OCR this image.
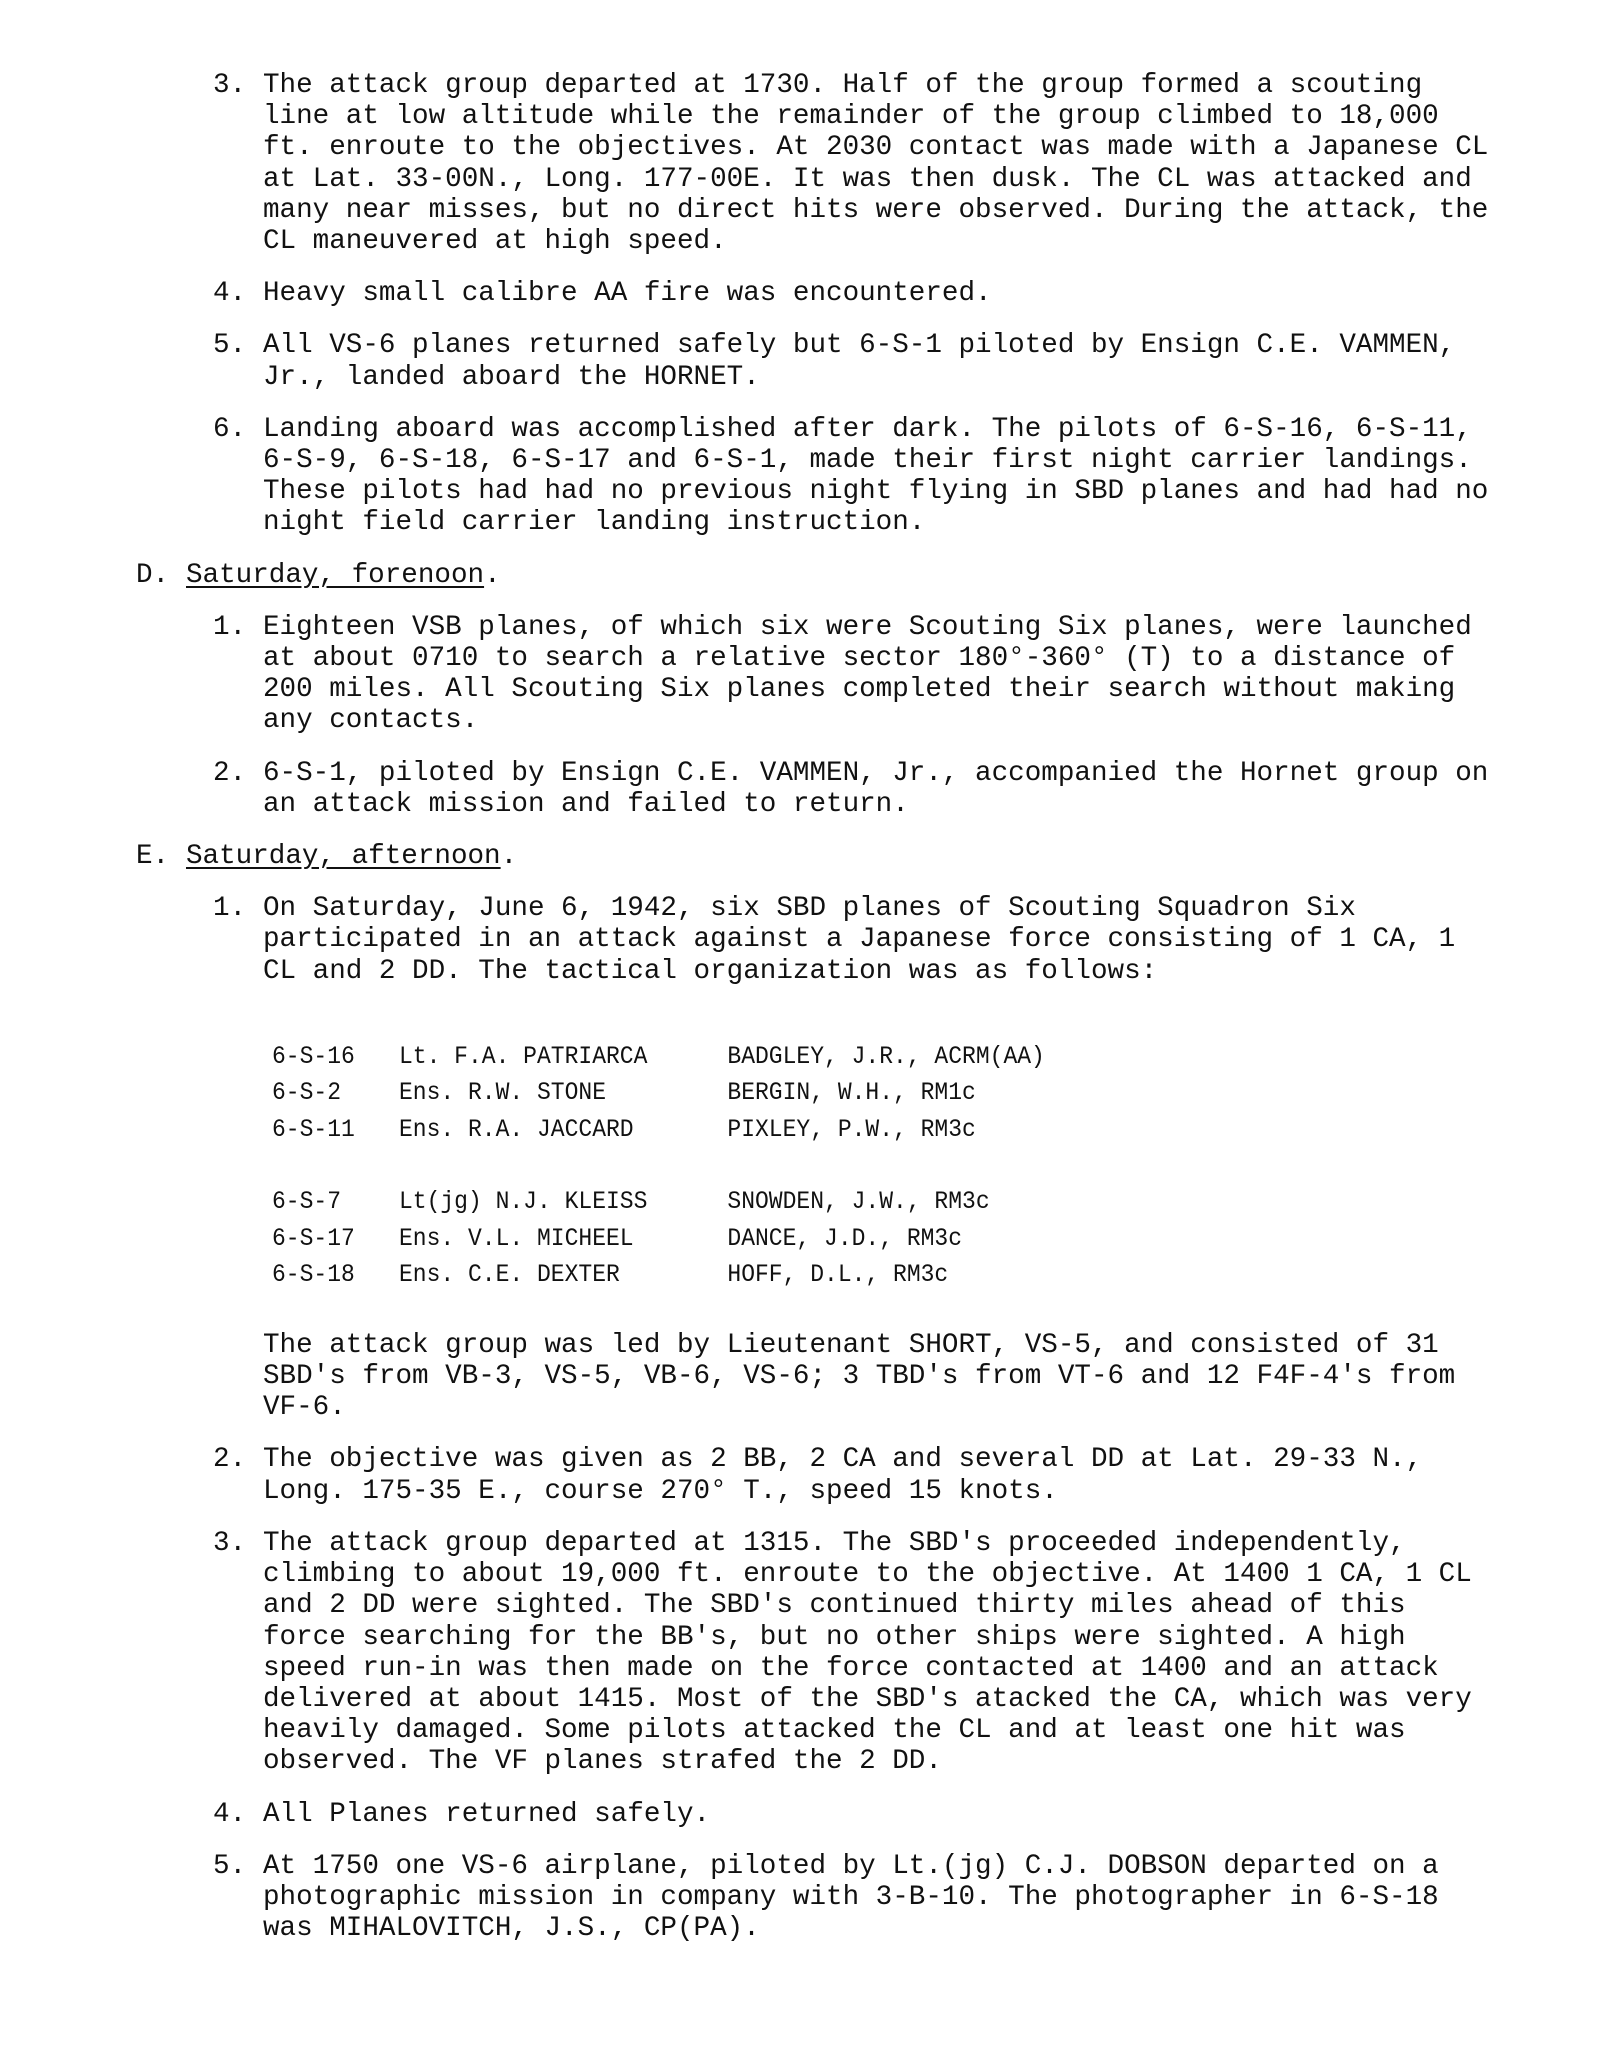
3. The attack group departed at 1730. Half of the group formed a scouting line at low altitude while the remainder of the group climbed to 18,000 ft. enroute to the objectives. At 2030 contact was made with a Japanese CL at Lat. 33-00N., Long. 177-00E. It was then dusk. The CL was attacked and many near misses, but no direct hits were observed. During the attack, the CL maneuvered at high speed.
4. Heavy small calibre AA fire was encountered.
5. All VS-6 planes returned safely but 6-S-1 piloted by Ensign C.E. VAMMEN, Jr., landed aboard the HORNET.
6. Landing aboard was accomplished after dark. The pilots of 6-S-16, 6-S-11, 6-S-9, 6-S-18, 6-S-17 and 6-S-1, made their first night carrier landings. These pilots had had no previous night flying in SBD planes and had had no night field carrier landing instruction.
D. Saturday, forenoon.
1. Eighteen VSB planes, of which six were Scouting Six planes, were launched at about 0710 to search a relative sector 180°-360° (T) to a distance of 200 miles. All Scouting Six planes completed their search without making any contacts.
2. 6-S-1, piloted by Ensign C.E. VAMMEN, Jr., accompanied the Hornet group on an attack mission and failed to return.
E. Saturday, afternoon.
1. On Saturday, June 6, 1942, six SBD planes of Scouting Squadron Six participated in an attack against a Japanese force consisting of 1 CA, 1 CL and 2 DD. The tactical organization was as follows:
6-S-16 Lt. F.A. PATRIARCA	BADGLEY, J.R., ACRM(AA)
6-S-2 Ens. R.W. STONE	BERGIN, W.H., RM1c
6-S-11 Ens. R.A. JACCARD	PIXLEY, P.W., RM3c
6-S-7 Lt(jg) N.J. KLEISS	SNOWDEN, J.W., RM3c
6-S-17 Ens. V.L. MICHEEL	DANCE, J.D., RM3c
6-S-18 Ens. C.E. DEXTER	HOFF, D.L., RM3c
The attack group was led by Lieutenant SHORT, VS-5, and consisted of 31 SBD's from VB-3, VS-5, VB-6, VS-6; 3 TBD's from VT-6 and 12 F4F-4's from VF-6.
2. The objective was given as 2 BB, 2 CA and several DD at Lat. 29-33 N., Long. 175-35 E., course 270° T., speed 15 knots.
3. The attack group departed at 1315. The SBD's proceeded independently, climbing to about 19,000 ft. enroute to the objective. At 1400 1 CA, 1 CL and 2 DD were sighted. The SBD's continued thirty miles ahead of this force searching for the BB's, but no other ships were sighted. A high speed run-in was then made on the force contacted at 1400 and an attack delivered at about 1415. Most of the SBD's atacked the CA, which was very heavily damaged. Some pilots attacked the CL and at least one hit was observed. The VF planes strafed the 2 DD.
4. All Planes returned safely.
5. At 1750 one VS-6 airplane, piloted by Lt.(jg) C.J. DOBSON departed on a photographic mission in company with 3-B-10. The photographer in 6-S-18 was MIHALOVITCH, J.S., CP(PA).
